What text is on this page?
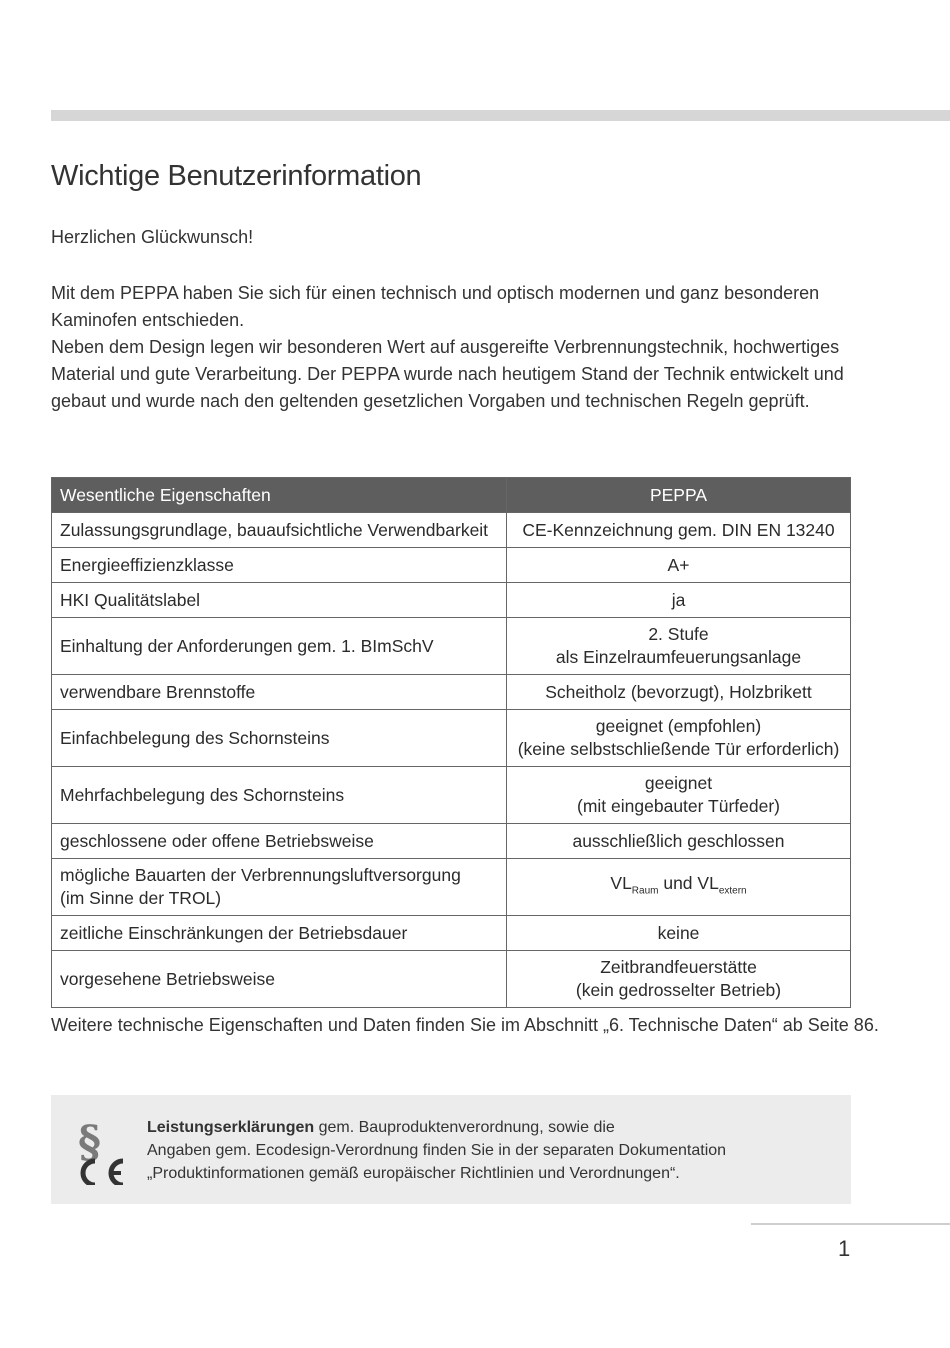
Wichtige Benutzerinformation
Herzlichen Glückwunsch!

Mit dem PEPPA haben Sie sich für einen technisch und optisch modernen und ganz besonderen Kaminofen entschieden.

Neben dem Design legen wir besonderen Wert auf ausgereifte Verbrennungstechnik, hochwertiges Material und gute Verarbeitung. Der PEPPA wurde nach heutigem Stand der Technik entwickelt und gebaut und wurde nach den geltenden gesetzlichen Vorgaben und technischen Regeln geprüft.

Wesentliche Eigenschaften	PEPPA
Zulassungsgrundlage, bauaufsichtliche Verwendbarkeit	CE-Kennzeichnung gem. DIN EN 13240
Energieeffizienzklasse	A+
HKI Qualitätslabel	ja
Einhaltung der Anforderungen gem. 1. BImSchV	2. Stufe
als Einzelraumfeuerungsanlage
verwendbare Brennstoffe	Scheitholz (bevorzugt), Holzbrikett
Einfachbelegung des Schornsteins	geeignet (empfohlen)
(keine selbstschließende Tür erforderlich)
Mehrfachbelegung des Schornsteins	geeignet
(mit eingebauter Türfeder)
geschlossene oder offene Betriebsweise	ausschließlich geschlossen
mögliche Bauarten der Verbrennungsluftversorgung
(im Sinne der TROL)	$VL_{Raum}$ und $VL_{extern}$
zeitliche Einschränkungen der Betriebsdauer	keine
vorgesehene Betriebsweise	Zeitbrandfeuerstätte
(kein gedrosselter Betrieb)
Weitere technische Eigenschaften und Daten finden Sie im Abschnitt „6. Technische Daten“ ab Seite 86.
§	Leistungserklärungen gem. Bauproduktenverordnung, sowie die
Angaben gem. Ecodesign-Verordnung finden Sie in der separaten Dokumentation
„Produktinformationen gemäß europäischer Richtlinien und Verordnungen“.
1
